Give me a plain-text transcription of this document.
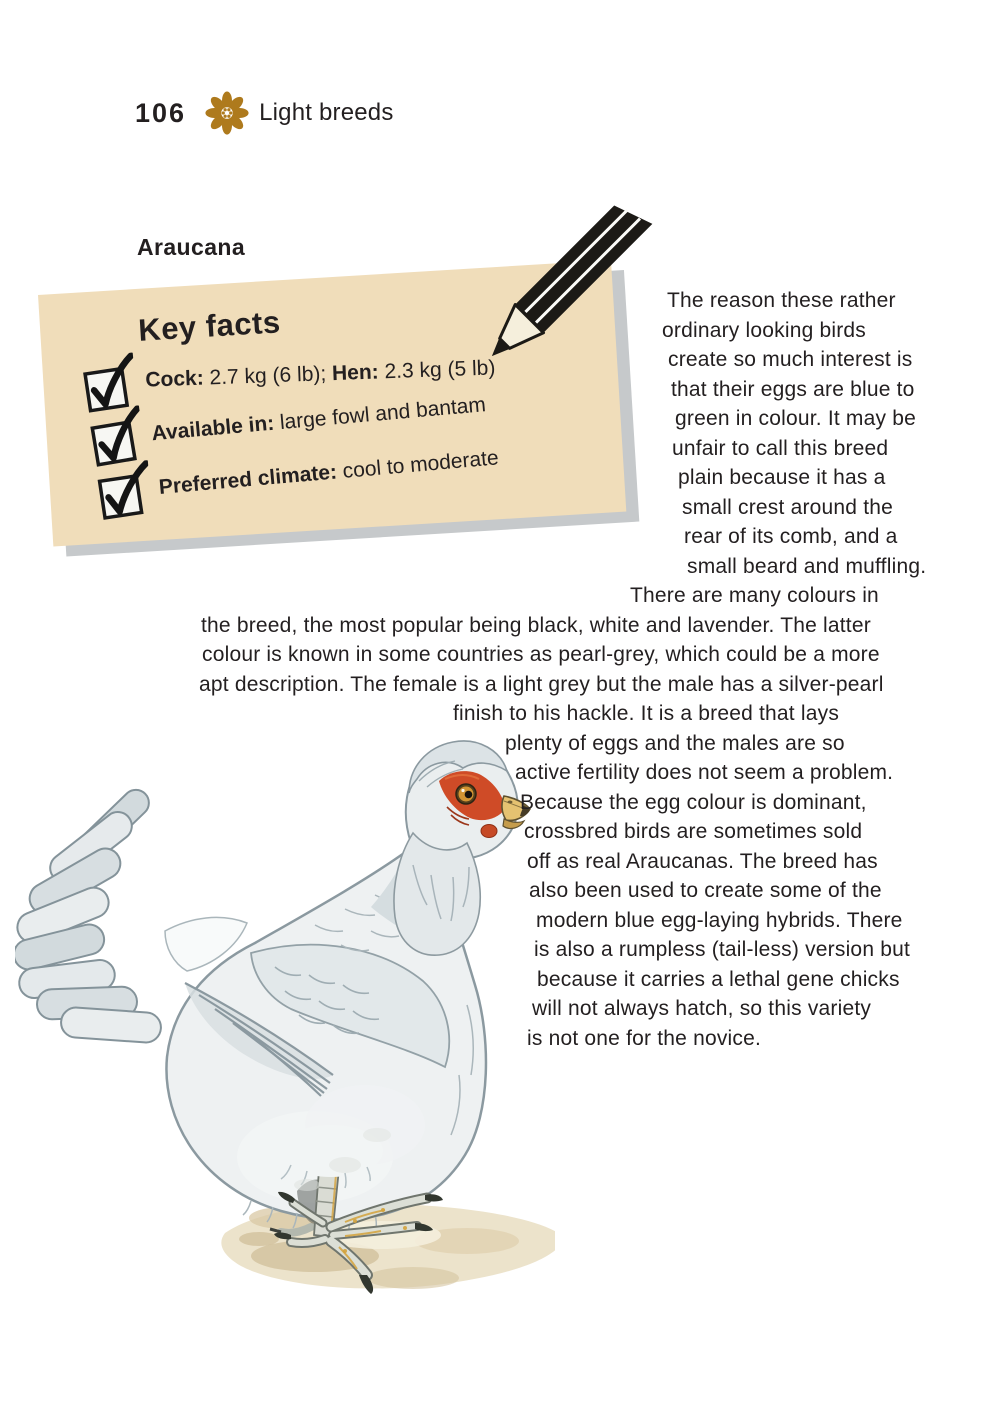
106	Light breeds
Araucana
Key facts
Cock: 2.7 kg (6 lb); Hen: 2.3 kg (5 lb)
Available in: large fowl and bantam
Preferred climate: cool to moderate
The reason these rather
ordinary looking birds
create so much interest is
that their eggs are blue to
green in colour. It may be
unfair to call this breed
plain because it has a
small crest around the
rear of its comb, and a
small beard and muffling.
There are many colours in
the breed, the most popular being black, white and lavender. The latter
colour is known in some countries as pearl-grey, which could be a more
apt description. The female is a light grey but the male has a silver-pearl
finish to his hackle. It is a breed that lays
plenty of eggs and the males are so
active fertility does not seem a problem.
Because the egg colour is dominant,
crossbred birds are sometimes sold
off as real Araucanas. The breed has
also been used to create some of the
modern blue egg-laying hybrids. There
is also a rumpless (tail-less) version but
because it carries a lethal gene chicks
will not always hatch, so this variety
is not one for the novice.
